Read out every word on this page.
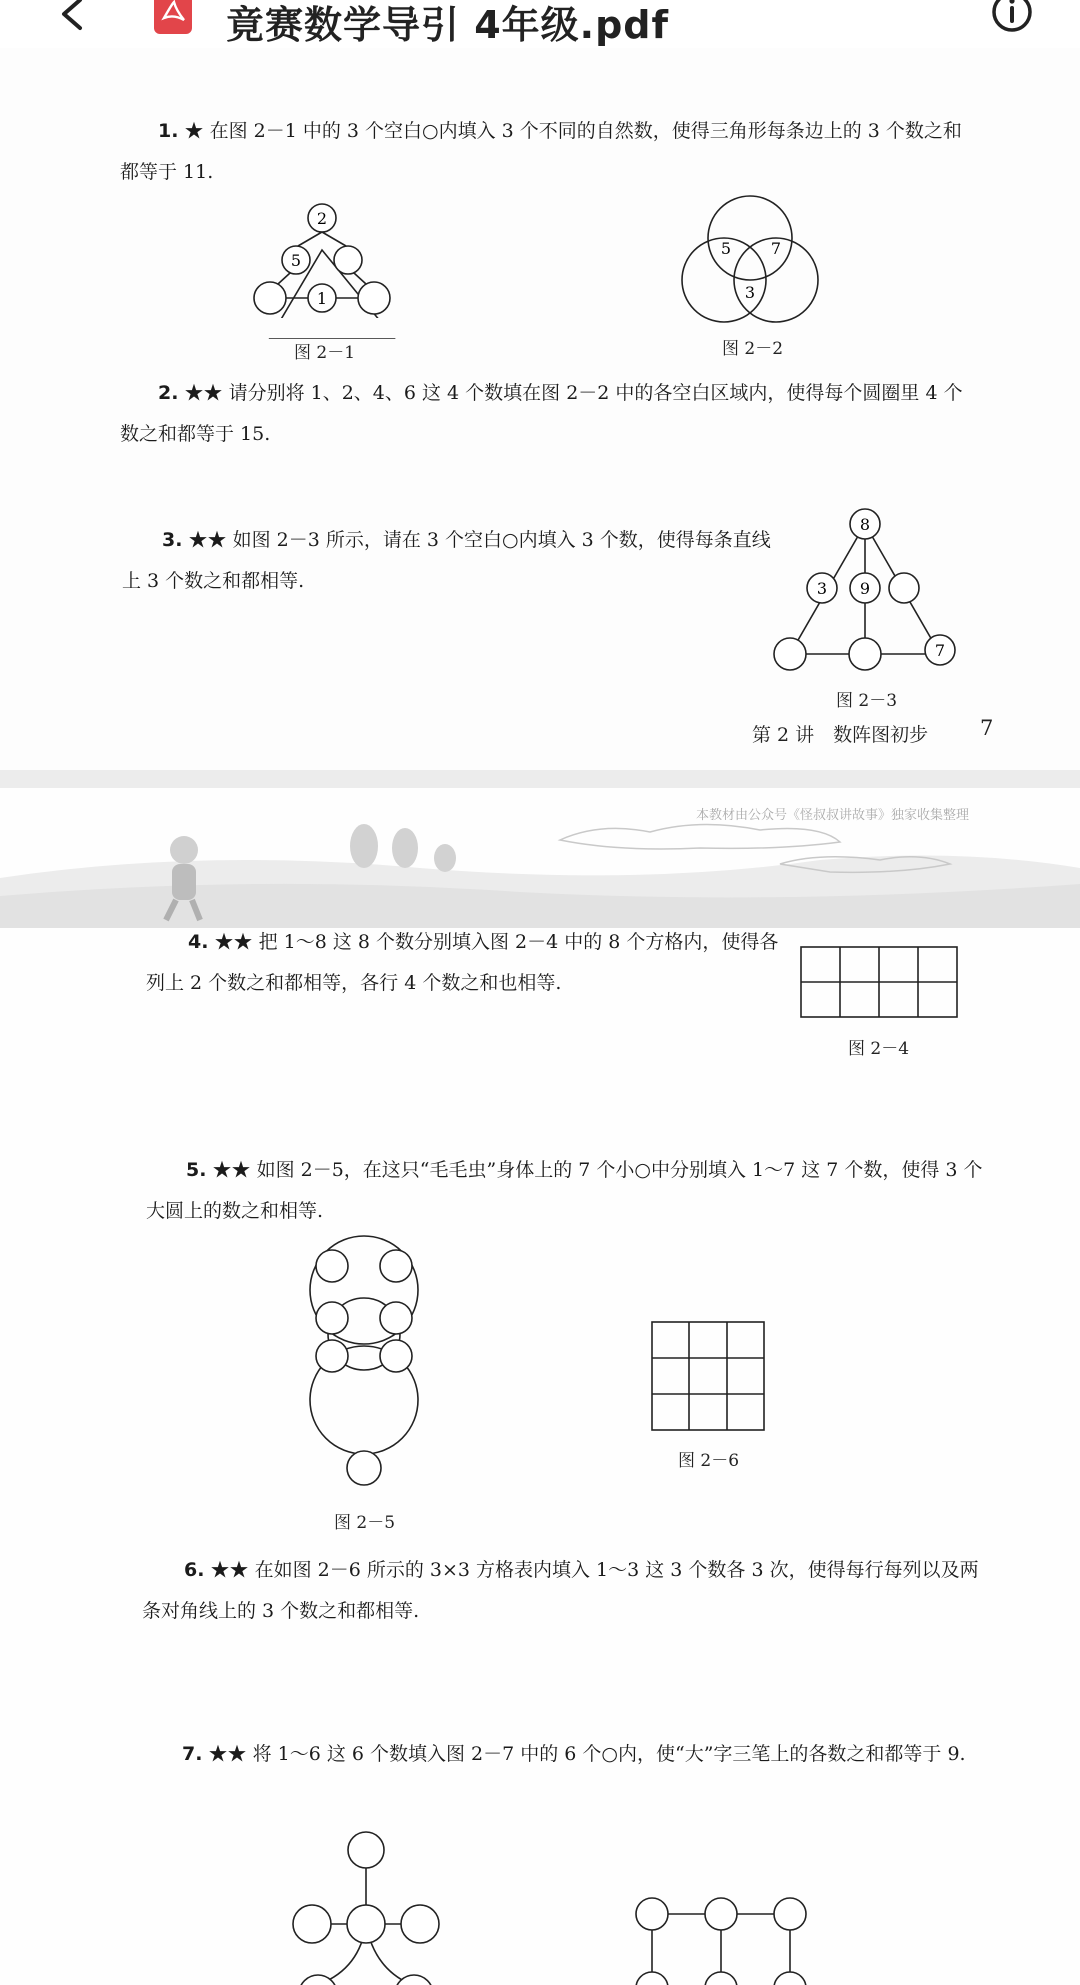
竟赛数学导引 4年级.pdf
1. ★ 在图 2－1 中的 3 个空白○内填入 3 个不同的自然数，使得三角形每条边上的 3 个数之和都等于 11.
2
5
1
图 2－1
5 7
3
图 2－2
2. ★★ 请分别将 1、2、4、6 这 4 个数填在图 2－2 中的各空白区域内，使得每个圆圈里 4 个数之和都等于 15.
3. ★★ 如图 2－3 所示，请在 3 个空白○内填入 3 个数，使得每条直线上 3 个数之和都相等.
8
3 9
7
图 2－3
第 2 讲　数阵图初步 7
本教材由公众号《怪叔叔讲故事》独家收集整理
4. ★★ 把 1～8 这 8 个数分别填入图 2－4 中的 8 个方格内，使得各列上 2 个数之和都相等，各行 4 个数之和也相等.
图 2－4
5. ★★ 如图 2－5，在这只“毛毛虫”身体上的 7 个小○中分别填入 1～7 这 7 个数，使得 3 个大圆上的数之和相等.
图 2－5
图 2－6
6. ★★ 在如图 2－6 所示的 3×3 方格表内填入 1～3 这 3 个数各 3 次，使得每行每列以及两条对角线上的 3 个数之和都相等.
7. ★★ 将 1～6 这 6 个数填入图 2－7 中的 6 个○内，使“大”字三笔上的各数之和都等于 9.
